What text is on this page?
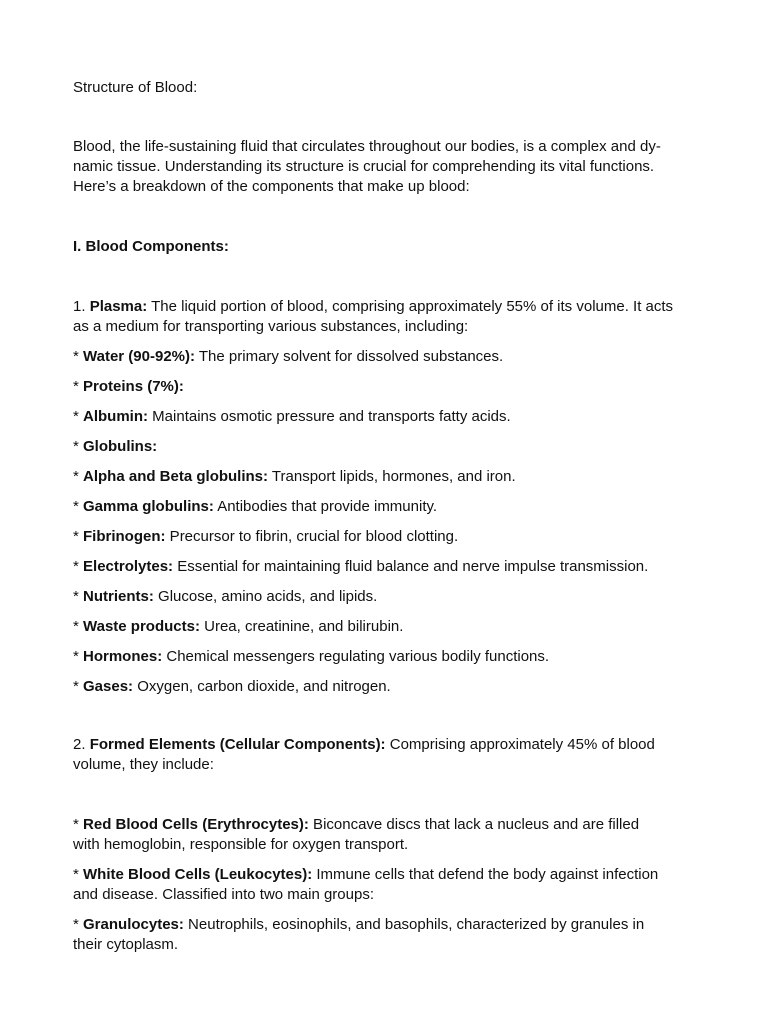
Structure of Blood:
Blood, the life-sustaining fluid that circulates throughout our bodies, is a complex and dy-
namic tissue. Understanding its structure is crucial for comprehending its vital functions.
Here’s a breakdown of the components that make up blood:
I. Blood Components:
1. Plasma: The liquid portion of blood, comprising approximately 55% of its volume. It acts
as a medium for transporting various substances, including:
* Water (90-92%): The primary solvent for dissolved substances.
* Proteins (7%):
* Albumin: Maintains osmotic pressure and transports fatty acids.
* Globulins:
* Alpha and Beta globulins: Transport lipids, hormones, and iron.
* Gamma globulins: Antibodies that provide immunity.
* Fibrinogen: Precursor to fibrin, crucial for blood clotting.
* Electrolytes: Essential for maintaining fluid balance and nerve impulse transmission.
* Nutrients: Glucose, amino acids, and lipids.
* Waste products: Urea, creatinine, and bilirubin.
* Hormones: Chemical messengers regulating various bodily functions.
* Gases: Oxygen, carbon dioxide, and nitrogen.
2. Formed Elements (Cellular Components): Comprising approximately 45% of blood
volume, they include:
* Red Blood Cells (Erythrocytes): Biconcave discs that lack a nucleus and are filled
with hemoglobin, responsible for oxygen transport.
* White Blood Cells (Leukocytes): Immune cells that defend the body against infection
and disease. Classified into two main groups:
* Granulocytes: Neutrophils, eosinophils, and basophils, characterized by granules in
their cytoplasm.
